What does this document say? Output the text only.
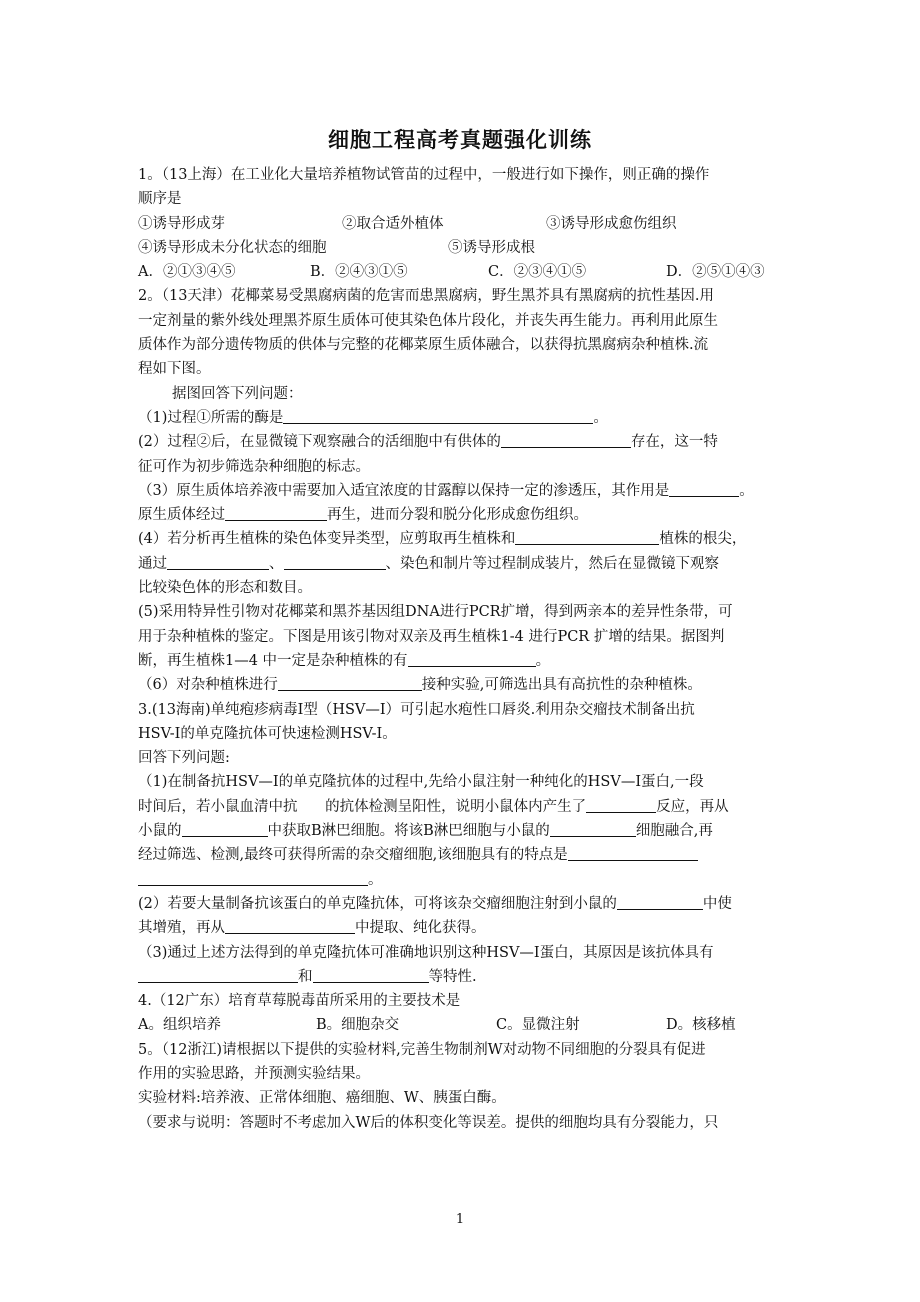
细胞工程高考真题强化训练
1。（13上海）在工业化大量培养植物试管苗的过程中，一般进行如下操作，则正确的操作
顺序是
①诱导形成芽	②取合适外植体	③诱导形成愈伤组织
④诱导形成未分化状态的细胞	⑤诱导形成根
A．②①③④⑤	B．②④③①⑤	C．②③④①⑤	D．②⑤①④③
2。（13天津）花椰菜易受黑腐病菌的危害而患黑腐病，野生黑芥具有黑腐病的抗性基因.用
一定剂量的紫外线处理黑芥原生质体可使其染色体片段化，并丧失再生能力。再利用此原生
质体作为部分遗传物质的供体与完整的花椰菜原生质体融合，以获得抗黑腐病杂种植株.流
程如下图。
据图回答下列问题：
（1)过程①所需的酶是	。
(2）过程②后，在显微镜下观察融合的活细胞中有供体的	存在，这一特
征可作为初步筛选杂种细胞的标志。
（3）原生质体培养液中需要加入适宜浓度的甘露醇以保持一定的渗透压，其作用是	。
原生质体经过	再生，进而分裂和脱分化形成愈伤组织。
(4）若分析再生植株的染色体变异类型，应剪取再生植株和	植株的根尖，
通过	、	、染色和制片等过程制成装片，然后在显微镜下观察
比较染色体的形态和数目。
(5)采用特异性引物对花椰菜和黑芥基因组DNA进行PCR扩增，得到两亲本的差异性条带，可
用于杂种植株的鉴定。下图是用该引物对双亲及再生植株1-4 进行PCR 扩增的结果。据图判
断，再生植株1—4 中一定是杂种植株的有	。
（6）对杂种植株进行	接种实验,可筛选出具有高抗性的杂种植株。
3.(13海南)单纯疱疹病毒Ⅰ型（HSV—Ⅰ）可引起水疱性口唇炎.利用杂交瘤技术制备出抗
HSV-Ⅰ的单克隆抗体可快速检测HSV-Ⅰ。
回答下列问题:
（1)在制备抗HSV—Ⅰ的单克隆抗体的过程中,先给小鼠注射一种纯化的HSV—Ⅰ蛋白,一段
时间后，若小鼠血清中抗      的抗体检测呈阳性，说明小鼠体内产生了	反应，再从
小鼠的	中获取B淋巴细胞。将该B淋巴细胞与小鼠的	细胞融合,再
经过筛选、检测,最终可获得所需的杂交瘤细胞,该细胞具有的特点是
。
(2）若要大量制备抗该蛋白的单克隆抗体，可将该杂交瘤细胞注射到小鼠的	中使
其增殖，再从	中提取、纯化获得。
（3)通过上述方法得到的单克隆抗体可准确地识别这种HSV—Ⅰ蛋白，其原因是该抗体具有
和	等特性.
4.（12广东）培育草莓脱毒苗所采用的主要技术是
A。组织培养	B。细胞杂交	C。显微注射	D。核移植
5。（12浙江)请根据以下提供的实验材料,完善生物制剂W对动物不同细胞的分裂具有促进
作用的实验思路，并预测实验结果。
实验材料:培养液、正常体细胞、癌细胞、W、胰蛋白酶。
（要求与说明：答题时不考虑加入W后的体积变化等误差。提供的细胞均具有分裂能力，只
1
